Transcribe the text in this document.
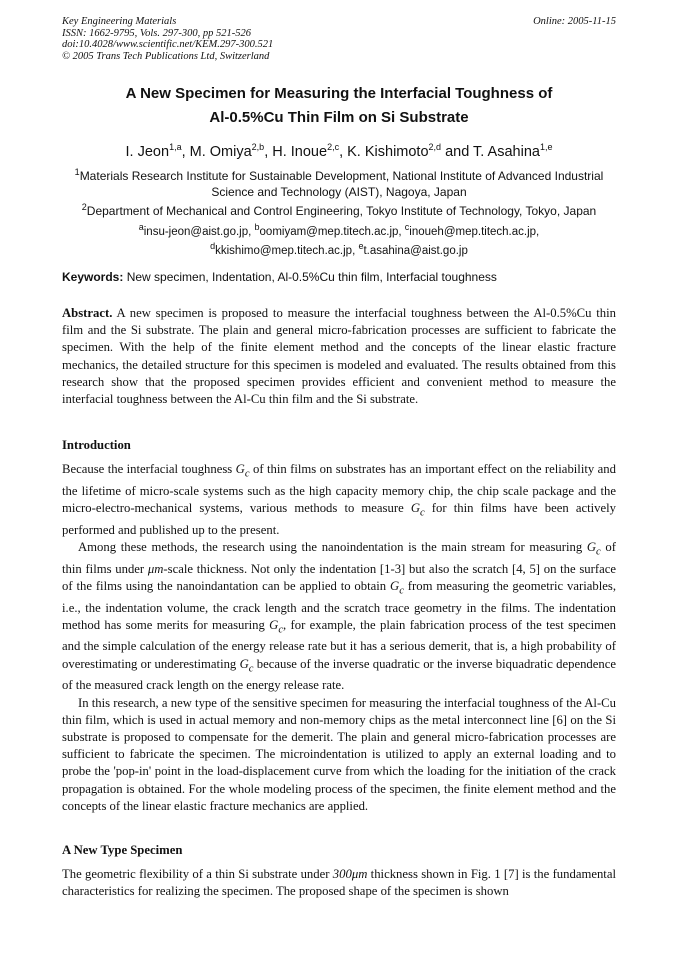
Key Engineering Materials
ISSN: 1662-9795, Vols. 297-300, pp 521-526
doi:10.4028/www.scientific.net/KEM.297-300.521
© 2005 Trans Tech Publications Ltd, Switzerland
Online: 2005-11-15
A New Specimen for Measuring the Interfacial Toughness of
Al-0.5%Cu Thin Film on Si Substrate
I. Jeon$^{1,a}$, M. Omiya$^{2,b}$, H. Inoue$^{2,c}$, K. Kishimoto$^{2,d}$ and T. Asahina$^{1,e}$
$^1$Materials Research Institute for Sustainable Development, National Institute of Advanced Industrial Science and Technology (AIST), Nagoya, Japan
$^2$Department of Mechanical and Control Engineering, Tokyo Institute of Technology, Tokyo, Japan
$^a$insu-jeon@aist.go.jp, $^b$oomiyam@mep.titech.ac.jp, $^c$inoueh@mep.titech.ac.jp,
$^d$kkishimo@mep.titech.ac.jp, $^e$t.asahina@aist.go.jp
Keywords: New specimen, Indentation, Al-0.5%Cu thin film, Interfacial toughness

Abstract. A new specimen is proposed to measure the interfacial toughness between the Al-0.5%Cu thin film and the Si substrate. The plain and general micro-fabrication processes are sufficient to fabricate the specimen. With the help of the finite element method and the concepts of the linear elastic fracture mechanics, the detailed structure for this specimen is modeled and evaluated. The results obtained from this research show that the proposed specimen provides efficient and convenient method to measure the interfacial toughness between the Al-Cu thin film and the Si substrate.

Introduction

Because the interfacial toughness $G_c$ of thin films on substrates has an important effect on the reliability and the lifetime of micro-scale systems such as the high capacity memory chip, the chip scale package and the micro-electro-mechanical systems, various methods to measure $G_c$ for thin films have been actively performed and published up to the present.

Among these methods, the research using the nanoindentation is the main stream for measuring $G_c$ of thin films under μm-scale thickness. Not only the indentation [1-3] but also the scratch [4, 5] on the surface of the films using the nanoindantation can be applied to obtain $G_c$ from measuring the geometric variables, i.e., the indentation volume, the crack length and the scratch trace geometry in the films. The indentation method has some merits for measuring $G_c$, for example, the plain fabrication process of the test specimen and the simple calculation of the energy release rate but it has a serious demerit, that is, a high probability of overestimating or underestimating $G_c$ because of the inverse quadratic or the inverse biquadratic dependence of the measured crack length on the energy release rate.

In this research, a new type of the sensitive specimen for measuring the interfacial toughness of the Al-Cu thin film, which is used in actual memory and non-memory chips as the metal interconnect line [6] on the Si substrate is proposed to compensate for the demerit. The plain and general micro-fabrication processes are sufficient to fabricate the specimen. The microindentation is utilized to apply an external loading and to probe the 'pop-in' point in the load-displacement curve from which the loading for the initiation of the crack propagation is obtained. For the whole modeling process of the specimen, the finite element method and the concepts of the linear elastic fracture mechanics are applied.

A New Type Specimen

The geometric flexibility of a thin Si substrate under 300μm thickness shown in Fig. 1 [7] is the fundamental characteristics for realizing the specimen. The proposed shape of the specimen is shown
